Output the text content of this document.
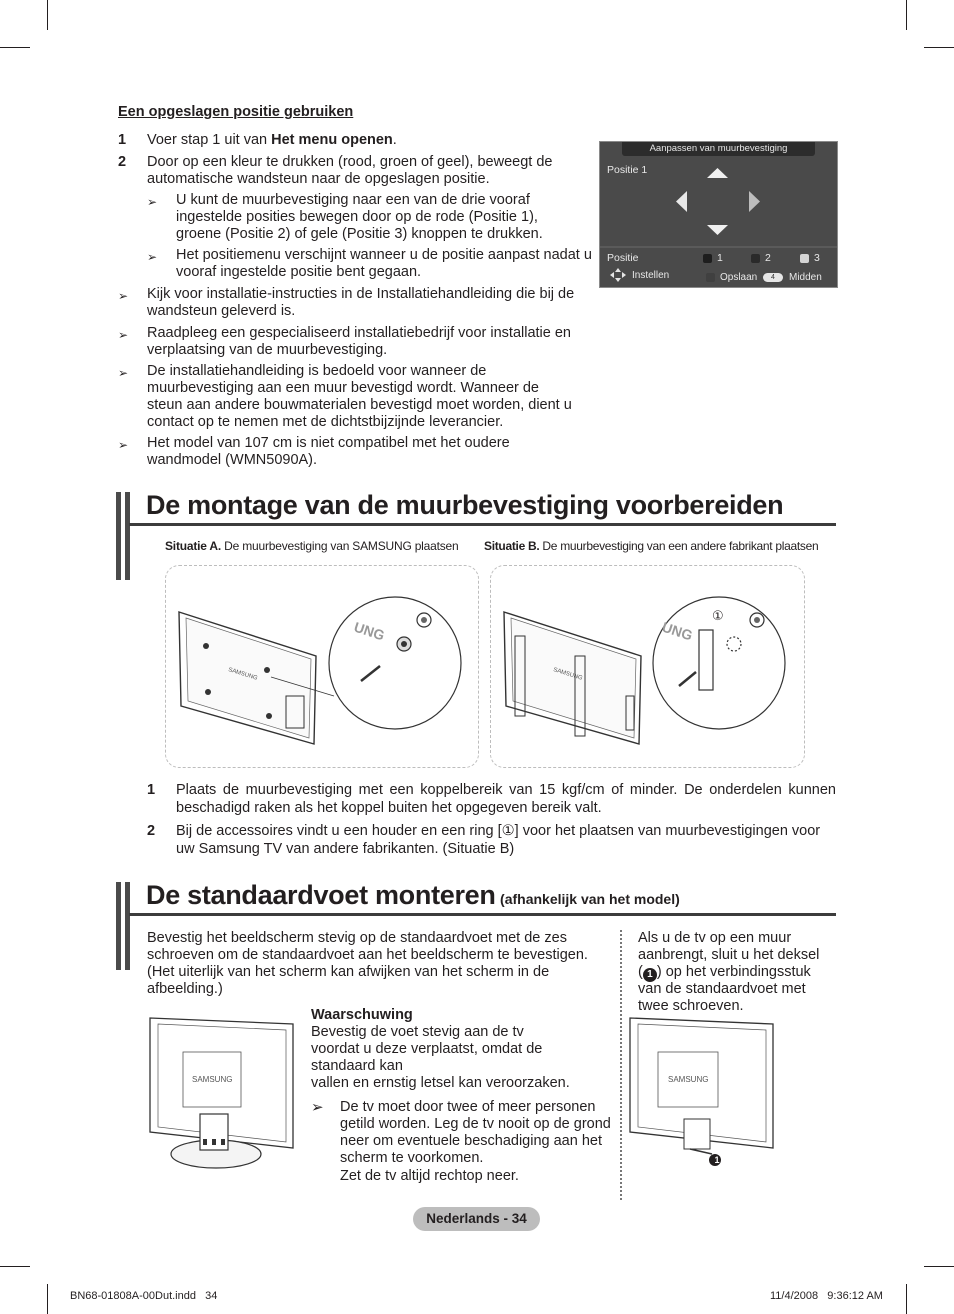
Een opgeslagen positie gebruiken
1 Voer stap 1 uit van Het menu openen.
2 Door op een kleur te drukken (rood, groen of geel), beweegt de
automatische wandsteun naar de opgeslagen positie.
➢ U kunt de muurbevestiging naar een van de drie vooraf
ingestelde posities bewegen door op de rode (Positie 1),
groene (Positie 2) of gele (Positie 3) knoppen te drukken.
➢ Het positiemenu verschijnt wanneer u de positie aanpast nadat u
vooraf ingestelde positie bent gegaan.
➢ Kijk voor installatie-instructies in de Installatiehandleiding die bij de
wandsteun geleverd is.
➢ Raadpleeg een gespecialiseerd installatiebedrijf voor installatie en
verplaatsing van de muurbevestiging.
➢ De installatiehandleiding is bedoeld voor wanneer de
muurbevestiging aan een muur bevestigd wordt. Wanneer de
steun aan andere bouwmaterialen bevestigd moet worden, dient u
contact op te nemen met de dichtstbijzijnde leverancier.
➢ Het model van 107 cm is niet compatibel met het oudere
wandmodel (WMN5090A).
Aanpassen van muurbevestiging
Positie 1
Positie	1	2	3
Instellen	Opslaan	4	Midden
De montage van de muurbevestiging voorbereiden
Situatie A. De muurbevestiging van SAMSUNG plaatsen Situatie B. De muurbevestiging van een andere fabrikant plaatsen
SAMSUNG
UNG
SAMSUNG
UNG
①
1 Plaats de muurbevestiging met een koppelbereik van 15 kgf/cm of minder. De onderdelen kunnen
beschadigd raken als het koppel buiten het opgegeven bereik valt.
2 Bij de accessoires vindt u een houder en een ring [①] voor het plaatsen van muurbevestigingen voor
uw Samsung TV van andere fabrikanten. (Situatie B)
De standaardvoet monteren (afhankelijk van het model)
Bevestig het beeldscherm stevig op de standaardvoet met de zes
schroeven om de standaardvoet aan het beeldscherm te bevestigen.
(Het uiterlijk van het scherm kan afwijken van het scherm in de
afbeelding.)
SAMSUNG
Waarschuwing
Bevestig de voet stevig aan de tv
voordat u deze verplaatst, omdat de
standaard kan
vallen en ernstig letsel kan veroorzaken.
➢ De tv moet door twee of meer personen
getild worden. Leg de tv nooit op de grond
neer om eventuele beschadiging aan het
scherm te voorkomen.
Zet de tv altijd rechtop neer.
Als u de tv op een muur
aanbrengt, sluit u het deksel
( 1 ) op het verbindingsstuk
van de standaardvoet met
twee schroeven.
SAMSUNG
1
Nederlands - 34
BN68-01808A-00Dut.indd   34	11/4/2008   9:36:12 AM
